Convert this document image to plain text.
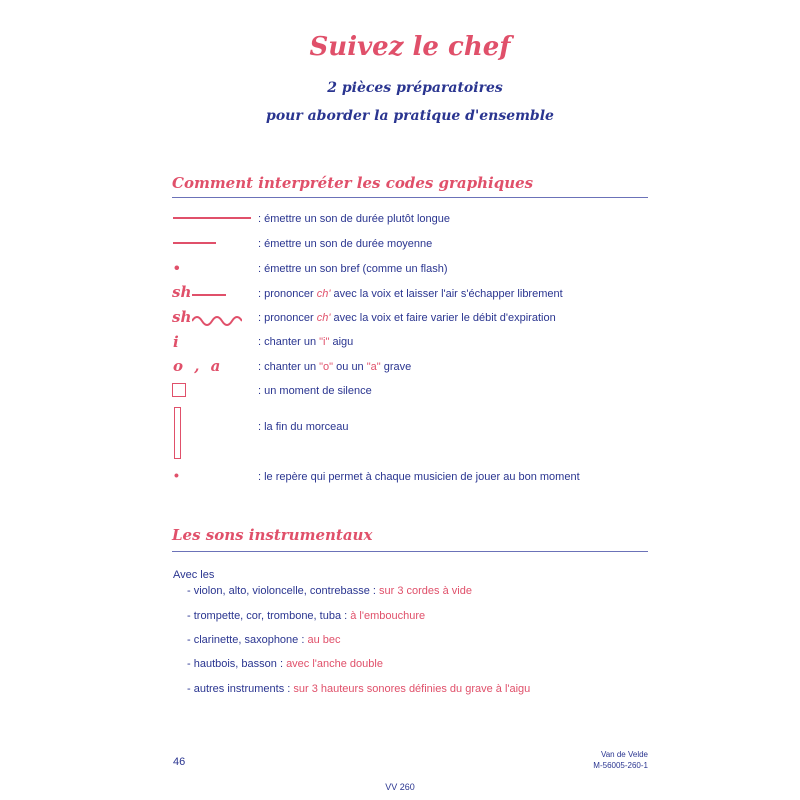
Suivez le chef
2 pièces préparatoires
pour aborder la pratique d'ensemble
Comment interpréter les codes graphiques
•
sh
sh
i
o , a
•
: émettre un son de durée plutôt longue
: émettre un son de durée moyenne
: émettre un son bref (comme un flash)
: prononcer ch' avec la voix et laisser l'air s'échapper librement
: prononcer ch' avec la voix et faire varier le débit d'expiration
: chanter un "i" aigu
: chanter un "o" ou un "a" grave
: un moment de silence
: la fin du morceau
: le repère qui permet à chaque musicien de jouer au bon moment
Les sons instrumentaux
Avec les
- violon, alto, violoncelle, contrebasse : sur 3 cordes à vide
- trompette, cor, trombone, tuba : à l'embouchure
- clarinette, saxophone : au bec
- hautbois, basson : avec l'anche double
- autres instruments : sur 3 hauteurs sonores définies du grave à l'aigu
46
Van de Velde
M-56005-260-1
VV 260
